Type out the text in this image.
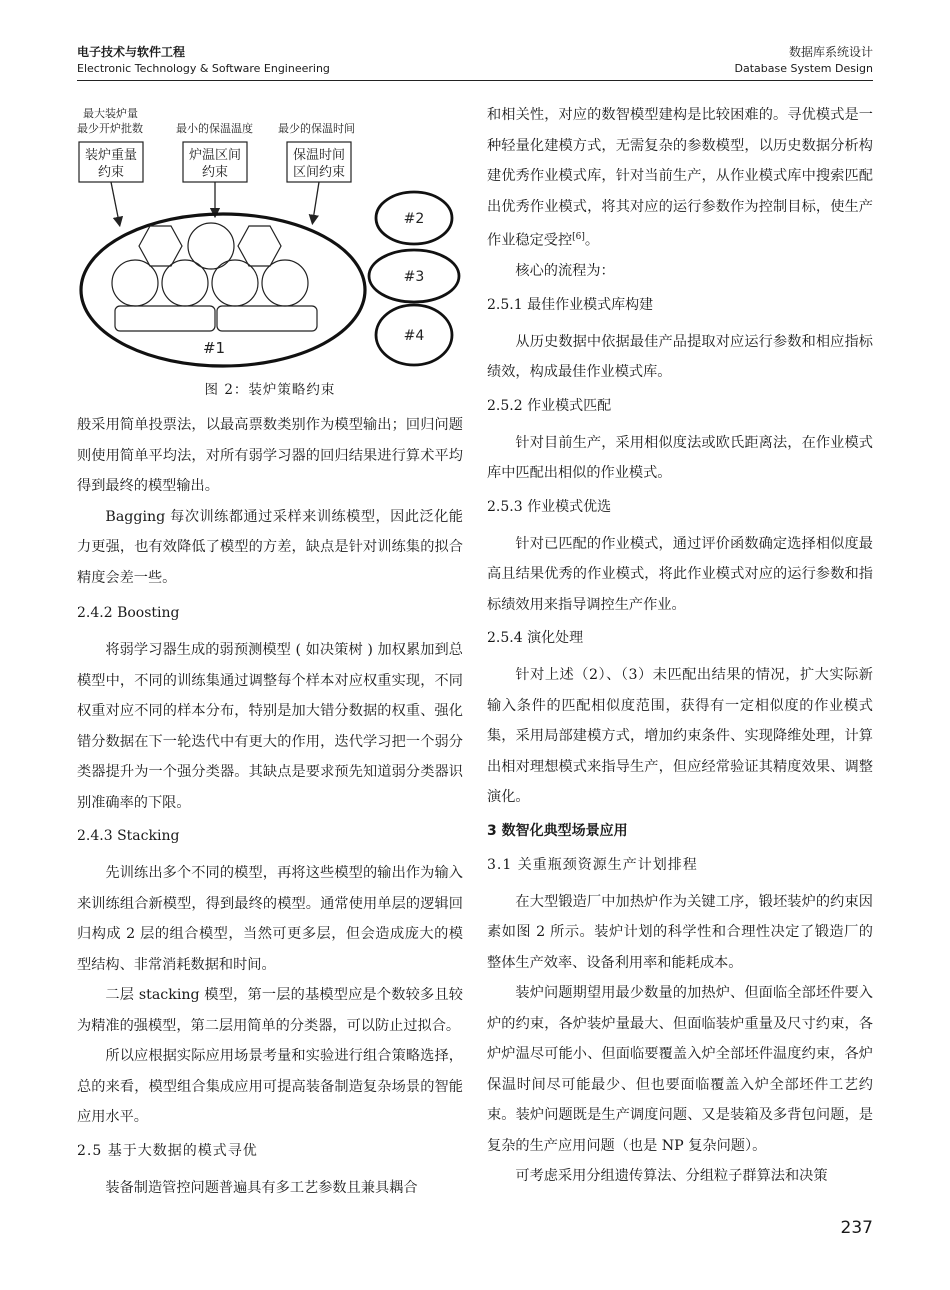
电子技术与软件工程
Electronic Technology & Software Engineering
数据库系统设计
Database System Design
最大装炉量
最少开炉批数	最小的保温温度 最少的保温时间
装炉重量
约束
炉温区间
约束
保温时间
区间约束
#1
#2
#3
#4
图 2：装炉策略约束

般采用简单投票法，以最高票数类别作为模型输出；回归问题则使用简单平均法，对所有弱学习器的回归结果进行算术平均得到最终的模型输出。

Bagging 每次训练都通过采样来训练模型，因此泛化能力更强，也有效降低了模型的方差，缺点是针对训练集的拟合精度会差一些。

2.4.2 Boosting

将弱学习器生成的弱预测模型 ( 如决策树 ) 加权累加到总模型中，不同的训练集通过调整每个样本对应权重实现，不同权重对应不同的样本分布，特别是加大错分数据的权重、强化错分数据在下一轮迭代中有更大的作用，迭代学习把一个弱分类器提升为一个强分类器。其缺点是要求预先知道弱分类器识别准确率的下限。

2.4.3 Stacking

先训练出多个不同的模型，再将这些模型的输出作为输入来训练组合新模型，得到最终的模型。通常使用单层的逻辑回归构成 2 层的组合模型，当然可更多层，但会造成庞大的模型结构、非常消耗数据和时间。

二层 stacking 模型，第一层的基模型应是个数较多且较为精准的强模型，第二层用简单的分类器，可以防止过拟合。

所以应根据实际应用场景考量和实验进行组合策略选择，总的来看，模型组合集成应用可提高装备制造复杂场景的智能应用水平。

2.5 基于大数据的模式寻优

装备制造管控问题普遍具有多工艺参数且兼具耦合

和相关性，对应的数智模型建构是比较困难的。寻优模式是一种轻量化建模方式，无需复杂的参数模型，以历史数据分析构建优秀作业模式库，针对当前生产，从作业模式库中搜索匹配出优秀作业模式，将其对应的运行参数作为控制目标，使生产作业稳定受控[6]。

核心的流程为：

2.5.1 最佳作业模式库构建

从历史数据中依据最佳产品提取对应运行参数和相应指标绩效，构成最佳作业模式库。

2.5.2 作业模式匹配

针对目前生产，采用相似度法或欧氏距离法，在作业模式库中匹配出相似的作业模式。

2.5.3 作业模式优选

针对已匹配的作业模式，通过评价函数确定选择相似度最高且结果优秀的作业模式，将此作业模式对应的运行参数和指标绩效用来指导调控生产作业。

2.5.4 演化处理

针对上述（2）、（3）未匹配出结果的情况，扩大实际新输入条件的匹配相似度范围，获得有一定相似度的作业模式集，采用局部建模方式，增加约束条件、实现降维处理，计算出相对理想模式来指导生产，但应经常验证其精度效果、调整演化。

3 数智化典型场景应用
3.1 关重瓶颈资源生产计划排程

在大型锻造厂中加热炉作为关键工序，锻坯装炉的约束因素如图 2 所示。装炉计划的科学性和合理性决定了锻造厂的整体生产效率、设备利用率和能耗成本。

装炉问题期望用最少数量的加热炉、但面临全部坯件要入炉的约束，各炉装炉量最大、但面临装炉重量及尺寸约束，各炉炉温尽可能小、但面临要覆盖入炉全部坯件温度约束，各炉保温时间尽可能最少、但也要面临覆盖入炉全部坯件工艺约束。装炉问题既是生产调度问题、又是装箱及多背包问题，是复杂的生产应用问题（也是 NP 复杂问题）。

可考虑采用分组遗传算法、分组粒子群算法和决策

237
